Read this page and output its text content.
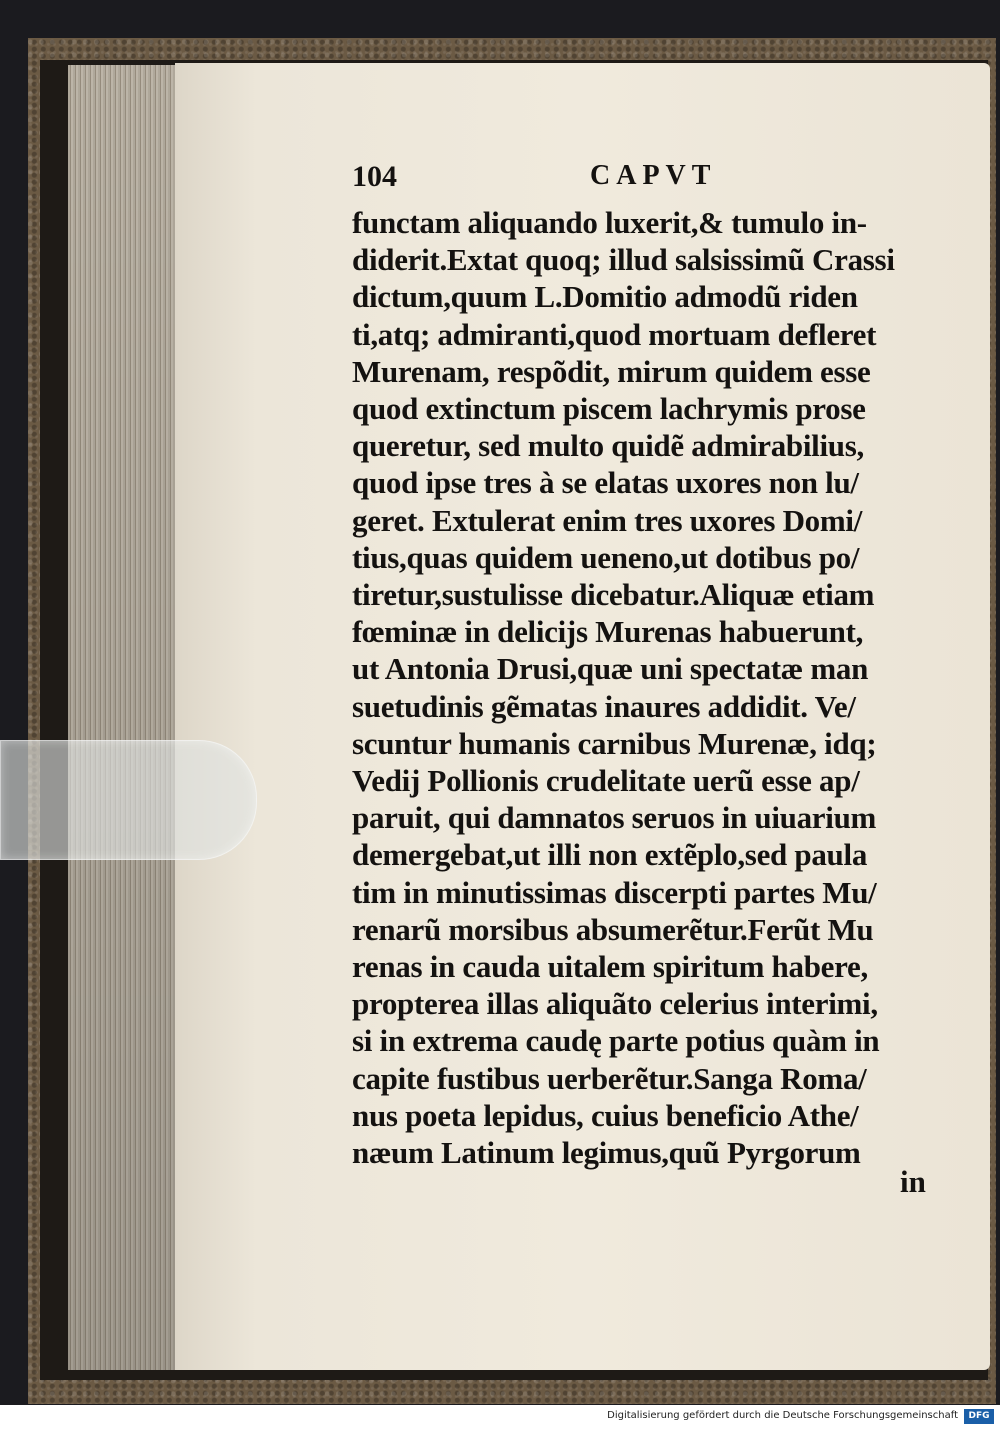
104	CAPVT
functam aliquando luxerit,& tumulo in-
diderit.Extat quoq; illud salsissimũ Crassi
dictum,quum L.Domitio admodũ riden
ti,atq; admiranti,quod mortuam defleret
Murenam, respõdit, mirum quidem esse
quod extinctum piscem lachrymis prose
queretur, sed multo quidẽ admirabilius,
quod ipse tres à se elatas uxores non lu/
geret. Extulerat enim tres uxores Domi/
tius,quas quidem ueneno,ut dotibus po/
tiretur,sustulisse dicebatur.Aliquæ etiam
fœminæ in delicijs Murenas habuerunt,
ut Antonia Drusi,quæ uni spectatæ man
suetudinis gẽmatas inaures addidit. Ve/
scuntur humanis carnibus Murenæ, idq;
Vedij Pollionis crudelitate uerũ esse ap/
paruit, qui damnatos seruos in uiuarium
demergebat,ut illi non extẽplo,sed paula
tim in minutissimas discerpti partes Mu/
renarũ morsibus absumerẽtur.Ferũt Mu
renas in cauda uitalem spiritum habere,
propterea illas aliquãto celerius interimi,
si in extrema caudę parte potius quàm in
capite fustibus uerberẽtur.Sanga Roma/
nus poeta lepidus, cuius beneficio Athe/
næum Latinum legimus,quũ Pyrgorum
in
Digitalisierung gefördert durch die Deutsche Forschungsgemeinschaft	DFG
